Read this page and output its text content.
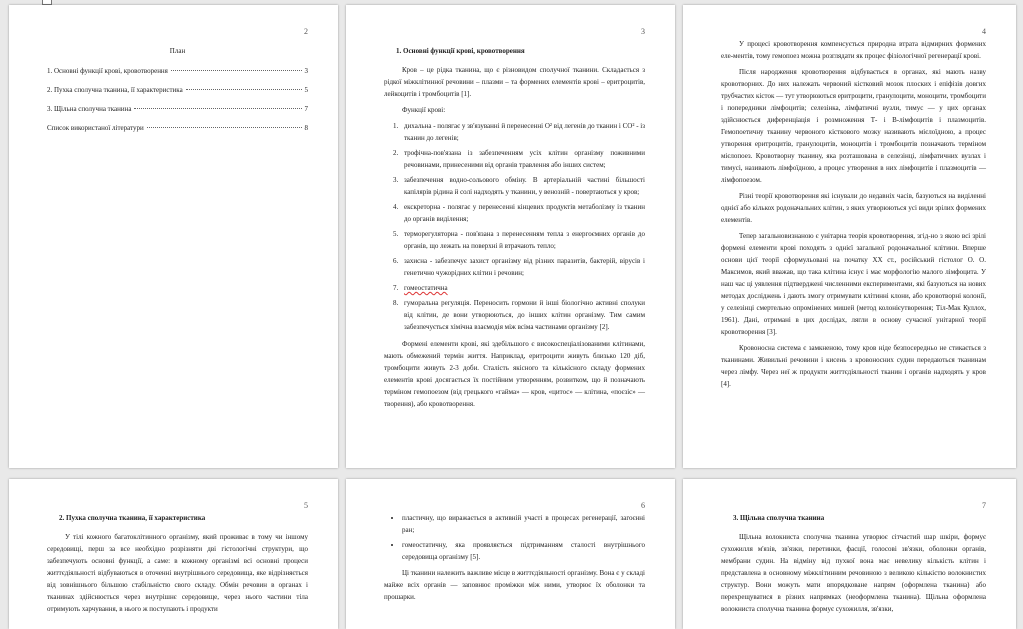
2
План
1. Основні функції крові, кровотворення	3
2. Пухка сполучна тканина, її характеристика	5
3. Щільна сполучна тканина	7
Список використаної літератури	8
3
1. Основні функції крові, кровотворення
Кров – це рідка тканина, що є різновидом сполучної тканини. Складається з рідкої міжклітинної речовини – плазми – та формених елементів крові – еритроцитів, лейкоцитів і тромбоцитів [1].
Функції крові:
1. дихальна - полягає у зв'язуванні й перенесенні O² від легенів до тканин і CO² - із тканин до легенів;
2. трофічна-пов'язана із забезпеченням усіх клітин організму поживними речовинами, принесеними від органів травлення або інших систем;
3. забезпечення водно-сольового обміну. В артеріальній частині більшості капілярів рідина й солі надходять у тканини, у венозній - повертаються у кров;
4. екскреторна - полягає у перенесенні кінцевих продуктів метаболізму із тканин до органів виділення;
5. терморегуляторна - пов'язана з перенесенням тепла з енергоємних органів до органів, що лежать на поверхні й втрачають тепло;
6. захисна - забезпечує захист організму від різних паразитів, бактерій, вірусів і генетично чужорідних клітин і речовин;
7. гомеостатична
8. гуморальна регуляція. Переносить гормони й інші біологічно активні сполуки від клітин, де вони утворюються, до інших клітин організму. Тим самим забезпечується хімічна взаємодія між всіма частинами організму [2].
Формені елементи крові, які здебільшого є високоспеціалізованими клітинами, мають обмежений термін життя. Наприклад, еритроцити живуть близько 120 діб, тромбоцити живуть 2-3 доби. Сталість якісного та кількісного складу формених елементів крові досягається їх постійним утворенням, розвитком, що й позначають терміном гемопоезом (від грецького «гайма» — кров, «цитос» — клітина, «поєзіс» — творення), або кровотворення.
4
У процесі кровотворення компенсується природна втрата відмирних формених еле-ментів, тому гемопоез можна розглядати як процес фізіологічної регенерації крові.
Після народження кровотворення відбувається в органах, які мають назву кровотворних. До них належать червоний кістковий мозок плоских і епіфізів довгих трубчастих кісток — тут утворюються еритроцити, гранулоцити, моноцити, тромбоцити і попередники лімфоцитів; селезінка, лімфатичні вузли, тимус — у цих органах здійснюється диференціація і розмноження Т- і В-лімфоцитів і плазмоцитів. Гемопоетичну тканину червоного кісткового мозку називають мієлоїдною, а процес утворення еритроцитів, гранулоцитів, моноцитів і тромбоцитів позначають терміном мієлопоез. Кровотворну тканину, яка розташована в селезінці, лімфатичних вузлах і тимусі, називають лімфоїдною, а процес утворення в них лімфоцитів і плазмоцитів — лімфопоезом.
Різні теорії кровотворення які існували до недавніх часів, базуються на виділенні однієї або кількох родоначальних клітин, з яких утворюються усі види зрілих формених елементів.
Тепер загальновизнаною є унітарна теорія кровотворення, згід-но з якою всі зрілі формені елементи крові походять з однієї загальної родоначальної клітини. Вперше основи цієї теорії сформульовані на початку XX ст., російський гістолог О. О. Максимов, який вважав, що така клітина існує і має морфологію малого лімфоцита. У наш час ці уявлення підтверджені численними експериментами, які базуються на нових методах досліджень і дають змогу отримувати клітинні клони, або кровотворні колонії, у селезінці смертельно опромінених мишей (метод колонієутворення; Тіл-Мак Куллох, 1961). Дані, отримані в цих дослідах, лягли в основу сучасної унітарної теорії кровотворення [3].
Кровоносна система є замкненою, тому кров ніде безпосередньо не стикається з тканинами. Живильні речовини і кисень з кровоносних судин передаються тканинам через лімфу. Через неї ж продукти життєдіяльності тканин і органів надходять у кров [4].
5
2. Пухка сполучна тканина, її характеристика
У тілі кожного багатоклітинного організму, який проживає в тому чи іншому середовищі, перш за все необхідно розрізняти дві гістологічні структури, що забезпечують основні функції, а саме: в кожному організмі всі основні процеси життєдіяльності відбуваються в оточенні внутрішнього середовища, яке відрізняється від зовнішнього більшою стабільністю свого складу. Обмін речовин в органах і тканинах здійснюється через внутрішнє середовище, через нього частини тіла отримують харчування, в нього ж поступають і продукти
6
• пластичну, що виражається в активній участі в процесах регенерації, загоєнні ран;
• гомеостатичну, яка проявляється підтриманням сталості внутрішнього середовища організму [5].
Ці тканини належить важливе місце в життєдіяльності організму. Вона є у складі майже всіх органів — заповнює проміжки між ними, утворює їх оболонки та прошарки.
7
3. Щільна сполучна тканина
Щільна волокниста сполучна тканина утворює сітчастий шар шкіри, формує сухожилля м'язів, зв'язки, перетинки, фасції, голосові зв'язки, оболонки органів, мембрани судин. На відміну від пухкої вона має невелику кількість клітин і представлена в основному міжклітинним речовиною з великою кількістю волокнистих структур. Вони можуть мати впорядковане напрям (оформлена тканина) або перехрещуватися в різних напрямках (неоформлена тканина). Щільна оформлена волокниста сполучна тканина формує сухожилля, зв'язки,
